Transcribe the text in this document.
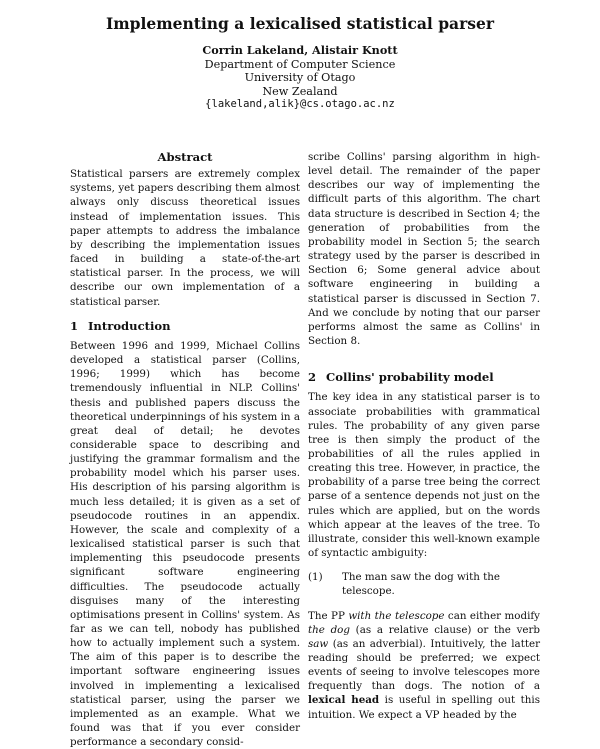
Implementing a lexicalised statistical parser
Corrin Lakeland, Alistair Knott
Department of Computer Science
University of Otago
New Zealand
{lakeland,alik}@cs.otago.ac.nz
Abstract

Statistical parsers are extremely complex systems, yet papers describing them almost always only discuss theoretical issues instead of implementation issues. This paper attempts to address the imbalance by describing the implementation issues faced in building a state-of-the-art statistical parser. In the process, we will describe our own implementation of a statistical parser.

1 Introduction

Between 1996 and 1999, Michael Collins developed a statistical parser (Collins, 1996; 1999) which has become tremendously influential in NLP. Collins' thesis and published papers discuss the theoretical underpinnings of his system in a great deal of detail; he devotes considerable space to describing and justifying the grammar formalism and the probability model which his parser uses. His description of his parsing algorithm is much less detailed; it is given as a set of pseudocode routines in an appendix. However, the scale and complexity of a lexicalised statistical parser is such that implementing this pseudocode presents significant software engineering difficulties. The pseudocode actually disguises many of the interesting optimisations present in Collins' system. As far as we can tell, nobody has published how to actually implement such a system. The aim of this paper is to describe the important software engineering issues involved in implementing a lexicalised statistical parser, using the parser we implemented as an example. What we found was that if you ever consider performance a secondary consid-

scribe Collins' parsing algorithm in high-level detail. The remainder of the paper describes our way of implementing the difficult parts of this algorithm. The chart data structure is described in Section 4; the generation of probabilities from the probability model in Section 5; the search strategy used by the parser is described in Section 6; Some general advice about software engineering in building a statistical parser is discussed in Section 7. And we conclude by noting that our parser performs almost the same as Collins' in Section 8.

2 Collins' probability model

The key idea in any statistical parser is to associate probabilities with grammatical rules. The probability of any given parse tree is then simply the product of the probabilities of all the rules applied in creating this tree. However, in practice, the probability of a parse tree being the correct parse of a sentence depends not just on the rules which are applied, but on the words which appear at the leaves of the tree. To illustrate, consider this well-known example of syntactic ambiguity:

(1)	The man saw the dog with the telescope.

The PP with the telescope can either modify the dog (as a relative clause) or the verb saw (as an adverbial). Intuitively, the latter reading should be preferred; we expect events of seeing to involve telescopes more frequently than dogs. The notion of a lexical head is useful in spelling out this intuition. We expect a VP headed by the
